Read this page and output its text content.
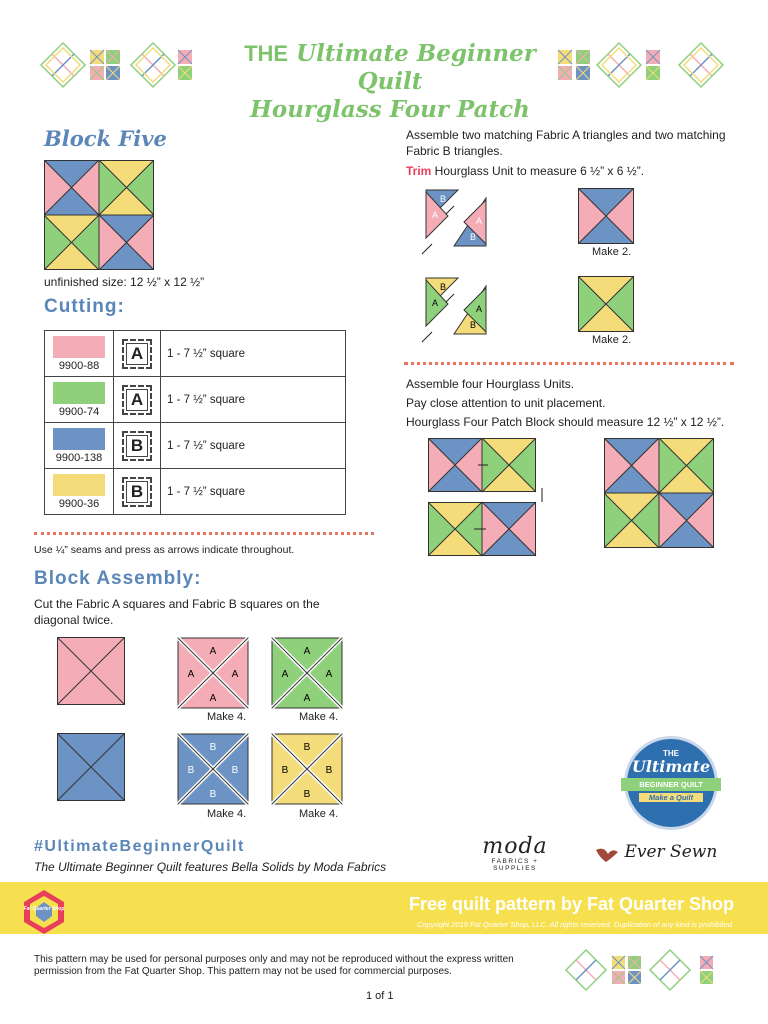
THE Ultimate Beginner Quilt
Hourglass Four Patch
Block Five
unfinished size: 12 ½” x 12 ½”
Cutting:
9900-88	A	1 - 7 ½” square

9900-74	A	1 - 7 ½” square

9900-138	B	1 - 7 ½” square

9900-36	B	1 - 7 ½” square
Use ¼” seams and press as arrows indicate throughout.
Block Assembly:
Cut the Fabric A squares and Fabric B squares on the diagonal twice.
A
A	A
A
A
A	A
A
Make 4.	Make 4.
B
B	B
B
B
B	B
B
Make 4.	Make 4.
Assemble two matching Fabric A triangles and two matching Fabric B triangles.
Trim Hourglass Unit to measure 6 ½” x 6 ½”.
B
A
A
B
Make 2.
B
A
A
B
Make 2.
Assemble four Hourglass Units.
Pay close attention to unit placement.
Hourglass Four Patch Block should measure 12 ½” x 12 ½”.
THE
Ultimate
BEGINNER QUILT
Make a Quilt
#UltimateBeginnerQuilt
The Ultimate Beginner Quilt features Bella Solids by Moda Fabrics
moda
FABRICS + SUPPLIES
Ever Sewn
Fat Quarter Shop	Free quilt pattern by Fat Quarter Shop
Copyright 2019 Fat Quarter Shop, LLC. All rights reserved. Duplication of any kind is prohibited.
This pattern may be used for personal purposes only and may not be reproduced without the express written permission from the Fat Quarter Shop. This pattern may not be used for commercial purposes.
1 of 1
